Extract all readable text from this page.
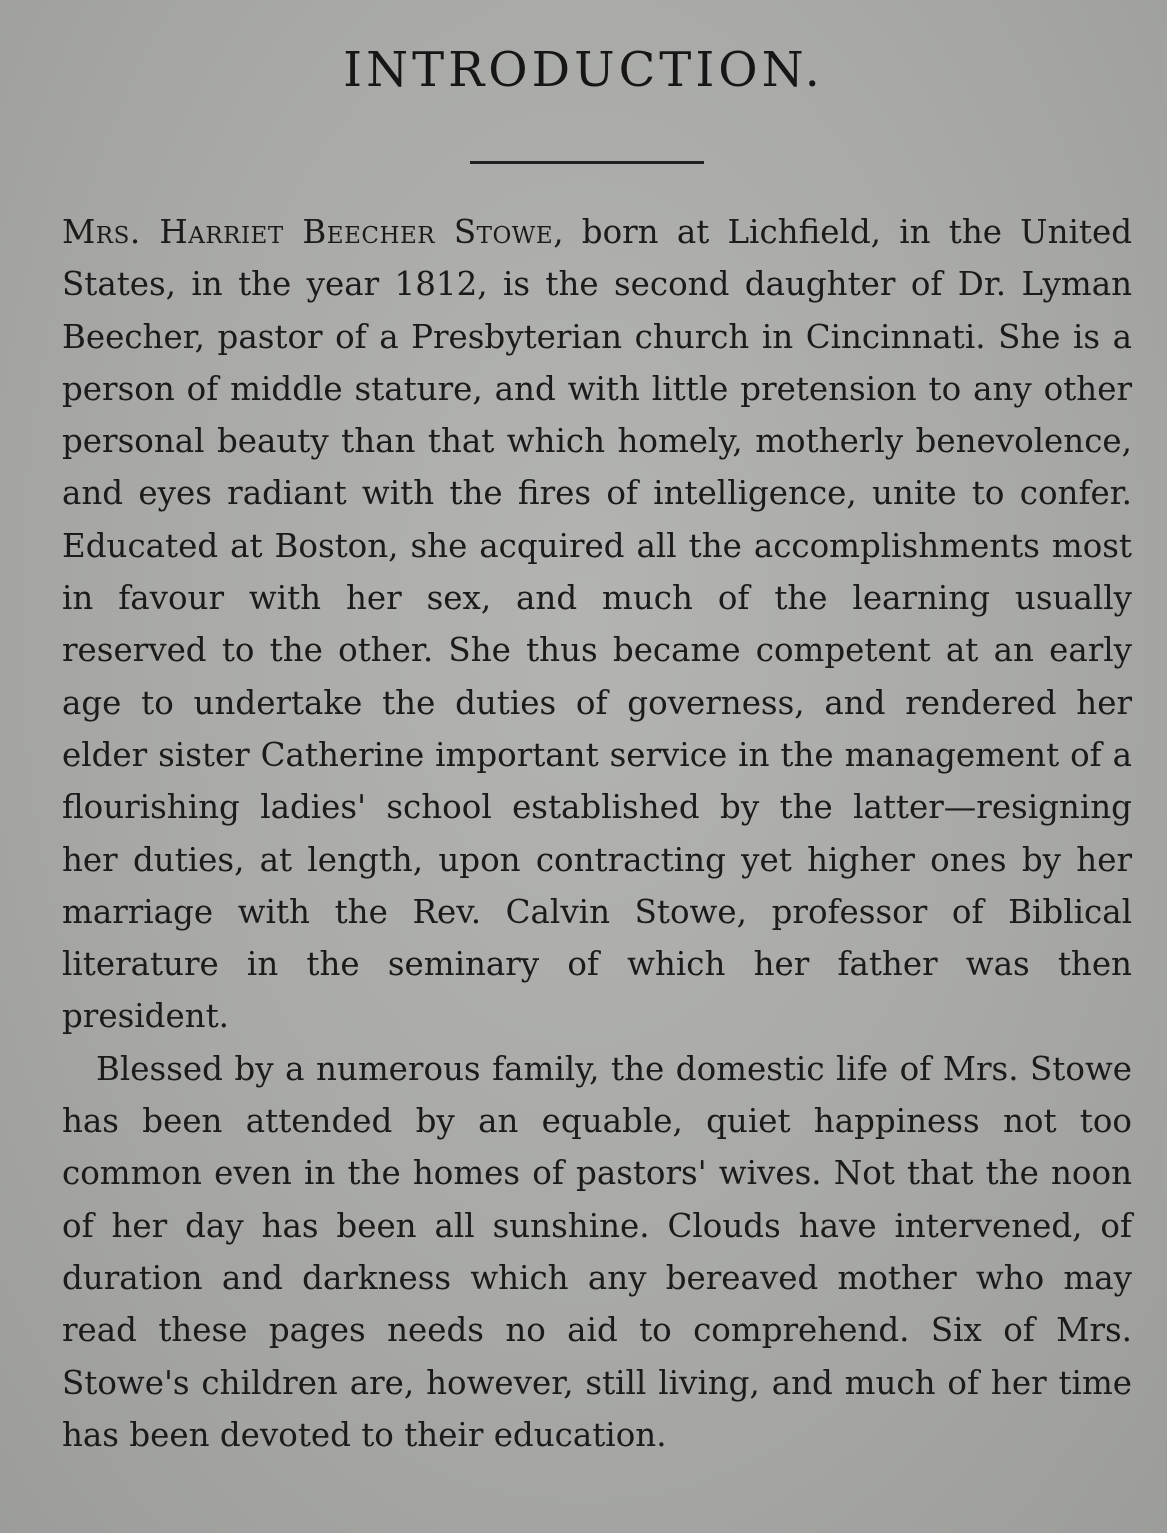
INTRODUCTION.

Mrs. Harriet Beecher Stowe, born at Lichfield, in the United States, in the year 1812, is the second daughter of Dr. Lyman Beecher, pastor of a Presbyterian church in Cincinnati. She is a person of middle stature, and with little pretension to any other personal beauty than that which homely, motherly benevolence, and eyes radiant with the fires of intelligence, unite to confer. Educated at Boston, she acquired all the accomplishments most in favour with her sex, and much of the learning usually reserved to the other. She thus became competent at an early age to undertake the duties of governess, and rendered her elder sister Catherine important service in the management of a flourishing ladies' school established by the latter—resigning her duties, at length, upon contracting yet higher ones by her marriage with the Rev. Calvin Stowe, professor of Biblical literature in the seminary of which her father was then president.

Blessed by a numerous family, the domestic life of Mrs. Stowe has been attended by an equable, quiet happiness not too common even in the homes of pastors' wives. Not that the noon of her day has been all sunshine. Clouds have intervened, of duration and darkness which any bereaved mother who may read these pages needs no aid to comprehend. Six of Mrs. Stowe's children are, however, still living, and much of her time has been devoted to their education.
